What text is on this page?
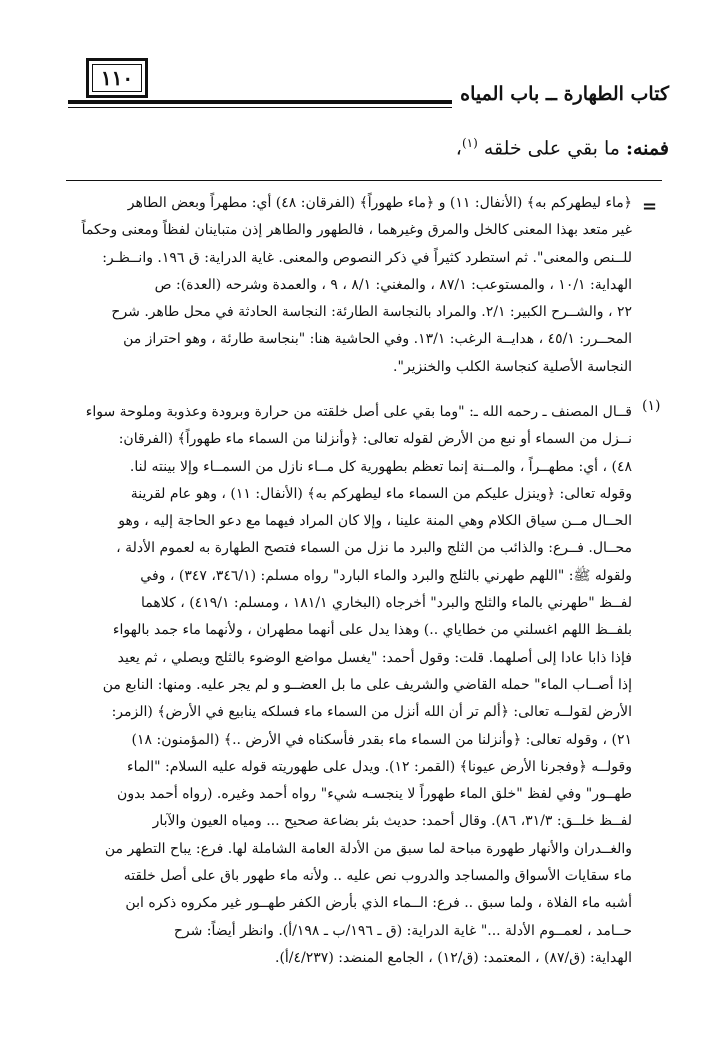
١١٠
كتاب الطهارة ــ باب المياه
فمنه: ما بقي على خلقه $^{(١)}$،
=
(١)
﴿ماء ليطهركم به﴾ (الأنفال: ١١) و ﴿ماء طهوراً﴾ (الفرقان: ٤٨) أي: مطهراً وبعض الطاهر
غير متعد بهذا المعنى كالخل والمرق وغيرهما ، فالطهور والطاهر إذن متباينان لفظاً ومعنى وحكماً
للــنص والمعنى". ثم استطرد كثيراً في ذكر النصوص والمعنى. غاية الدراية: ق ١٩٦. وانــظـر:
الهداية: ١٠/١ ، والمستوعب: ٨٧/١ ، والمغني: ٨/١ ، ٩ ، والعمدة وشرحه (العدة): ص
٢٢ ، والشــرح الكبير: ٢/١. والمراد بالنجاسة الطارئة: النجاسة الحادثة في محل طاهر. شرح
المحــرر: ٤٥/١ ، هدايــة الرغب: ١٣/١. وفي الحاشية هنا: "بنجاسة طارئة ، وهو احتراز من
النجاسة الأصلية كنجاسة الكلب والخنزير".
قــال المصنف ـ رحمه الله ـ: "وما بقي على أصل خلقته من حرارة وبرودة وعذوبة وملوحة سواء
نــزل من السماء أو نبع من الأرض لقوله تعالى: ﴿وأنزلنا من السماء ماء طهوراً﴾ (الفرقان:
٤٨) ، أي: مطهــراً ، والمــنة إنما تعظم بطهورية كل مــاء نازل من السمــاء وإلا بينته لنا.
وقوله تعالى: ﴿وينزل عليكم من السماء ماء ليطهركم به﴾ (الأنفال: ١١) ، وهو عام لقرينة
الحــال مــن سياق الكلام وهي المنة علينا ، وإلا كان المراد فيهما مع دعو الحاجة إليه ، وهو
محــال. فــرع: والذائب من الثلج والبرد ما نزل من السماء فتصح الطهارة به لعموم الأدلة ،
ولقوله ﷺ: "اللهم طهرني بالثلج والبرد والماء البارد" رواه مسلم: (٣٤٦/١، ٣٤٧) ، وفي
لفــظ "طهرني بالماء والثلج والبرد" أخرجاه (البخاري ١٨١/١ ، ومسلم: ٤١٩/١) ، كلاهما
بلفــظ اللهم اغسلني من خطاياي ..) وهذا يدل على أنهما مطهران ، ولأنهما ماء جمد بالهواء
فإذا ذابا عادا إلى أصلهما. قلت: وقول أحمد: "يغسل مواضع الوضوء بالثلج ويصلي ، ثم يعيد
إذا أصــاب الماء" حمله القاضي والشريف على ما بل العضــو و لم يجر عليه. ومنها: النابع من
الأرض لقولــه تعالى: ﴿ألم تر أن الله أنزل من السماء ماء فسلكه ينابيع في الأرض﴾ (الزمر:
٢١) ، وقوله تعالى: ﴿وأنزلنا من السماء ماء بقدر فأسكناه في الأرض ..﴾ (المؤمنون: ١٨)
وقولــه ﴿وفجرنا الأرض عيونا﴾ (القمر: ١٢). ويدل على طهوريته قوله عليه السلام: "الماء
طهــور" وفي لفظ "خلق الماء طهوراً لا ينجسـه شيء" رواه أحمد وغيره. (رواه أحمد بدون
لفــظ خلــق: ٣١/٣، ٨٦). وقال أحمد: حديث بئر بضاعة صحيح ... ومياه العيون والآبار
والغــدران والأنهار طهورة مباحة لما سبق من الأدلة العامة الشاملة لها. فرع: يباح التطهر من
ماء سقايات الأسواق والمساجد والدروب نص عليه .. ولأنه ماء طهور باق على أصل خلقته
أشبه ماء الفلاة ، ولما سبق .. فرع: الــماء الذي بأرض الكفر طهــور غير مكروه ذكره ابن
حــامد ، لعمــوم الأدلة ..." غاية الدراية: (ق ـ ١٩٦/ب ـ ١٩٨/أ). وانظر أيضاً: شرح
الهداية: (ق/٨٧) ، المعتمد: (ق/١٢) ، الجامع المنضد: (٤/٢٣٧/أ).
